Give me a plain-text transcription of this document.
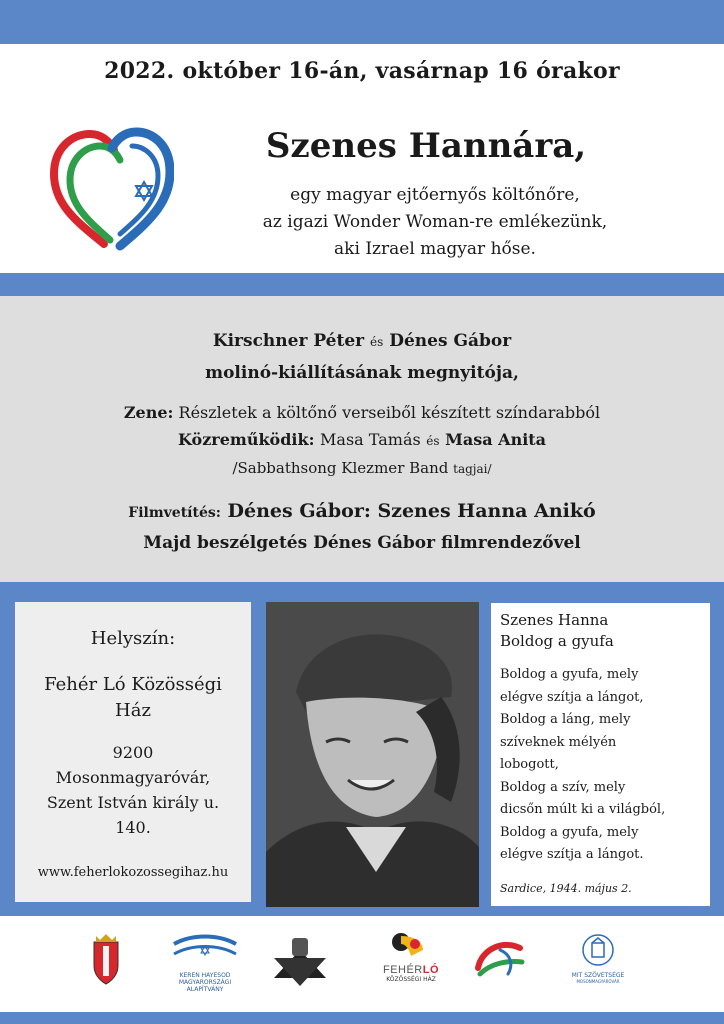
2022. október 16-án, vasárnap 16 órakor
Szenes Hannára,
egy magyar ejtőernyős költőnőre,
az igazi Wonder Woman-re emlékezünk,
aki Izrael magyar hőse.
Kirschner Péter és Dénes Gábor
molinó-kiállításának megnyitója,
Zene: Részletek a költőnő verseiből készített színdarabból
Közreműködik: Masa Tamás és Masa Anita
/Sabbathsong Klezmer Band tagjai/
Filmvetítés: Dénes Gábor: Szenes Hanna Anikó
Majd beszélgetés Dénes Gábor filmrendezővel
Helyszín:
Fehér Ló Közösségi
Ház
9200
Mosonmagyaróvár,
Szent István király u.
140.
www.feherlokozossegihaz.hu
Szenes Hanna
Boldog a gyufa
Boldog a gyufa, mely
elégve szítja a lángot,
Boldog a láng, mely
szíveknek mélyén
lobogott,
Boldog a szív, mely
dicsőn múlt ki a világból,
Boldog a gyufa, mely
elégve szítja a lángot.
Sardice, 1944. május 2.
KEREN HAYESOD
MAGYARORSZÁGI ALAPÍTVÁNY
FEHÉRLÓ
KÖZÖSSÉGI HÁZ
MIT SZÖVETSÉGE
MOSONMAGYARÓVÁR
